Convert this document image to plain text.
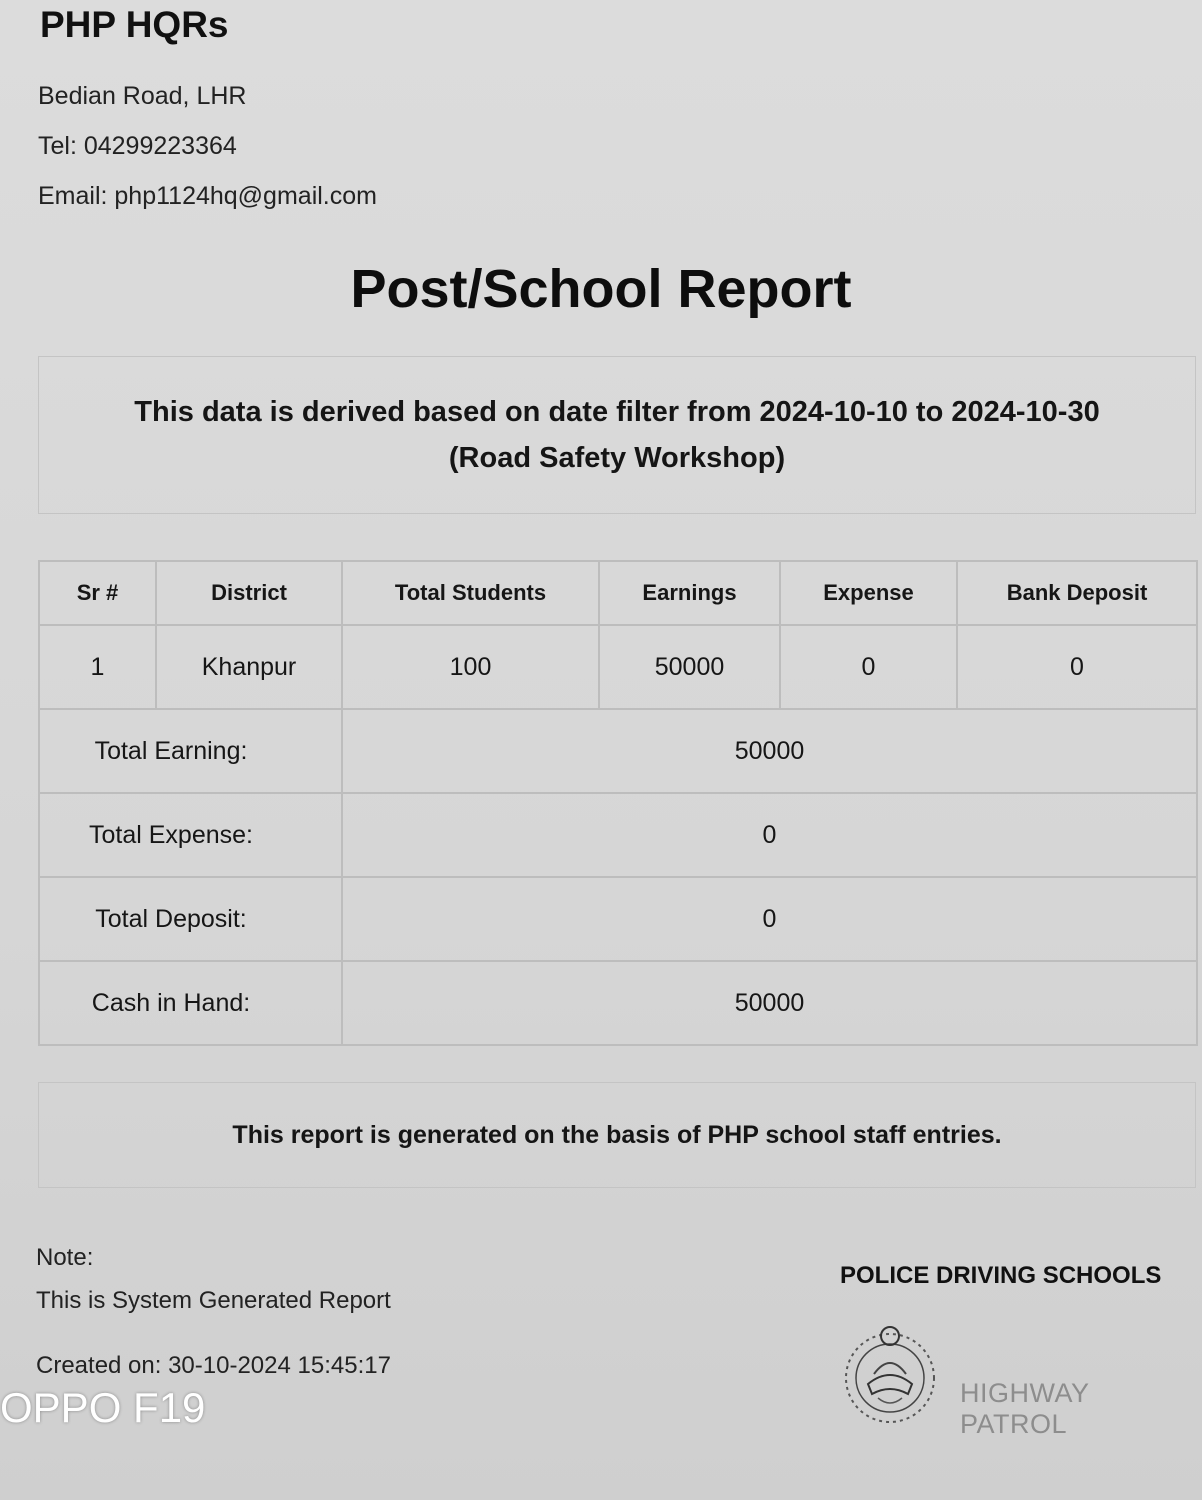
PHP HQRs
Bedian Road, LHR
Tel: 04299223364
Email: php1124hq@gmail.com
Post/School Report
This data is derived based on date filter from 2024-10-10 to 2024-10-30
(Road Safety Workshop)
Sr #	District	Total Students	Earnings	Expense	Bank Deposit
1	Khanpur	100	50000	0	0
Total Earning:		50000			
Total Expense:		0			
Total Deposit:		0			
Cash in Hand:		50000			
This report is generated on the basis of PHP school staff entries.
Note:
This is System Generated Report
Created on: 30-10-2024 15:45:17
POLICE DRIVING SCHOOLS
HIGHWAY PATROL
OPPO F19
